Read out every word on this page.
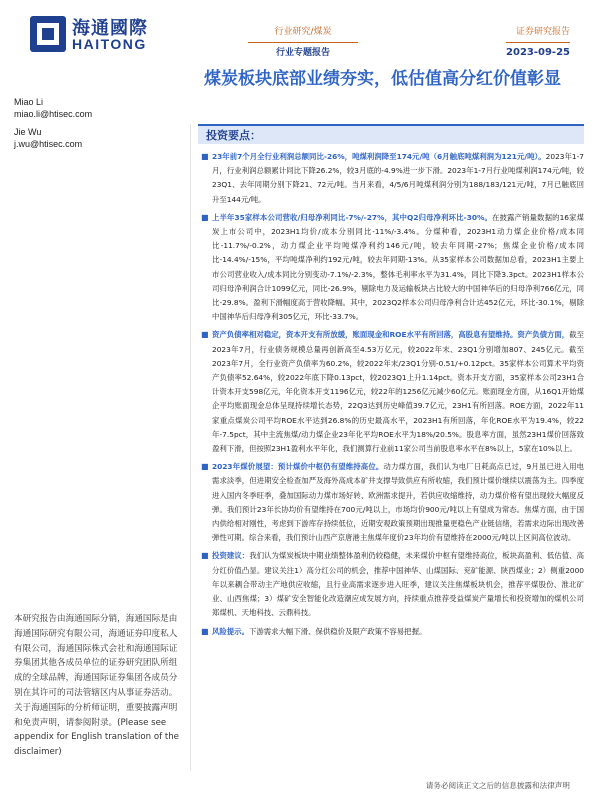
海通國際
HAITONG
行业研究/煤炭
行业专题报告
证券研究报告
2023-09-25
煤炭板块底部业绩夯实，低估值高分红价值彰显
Miao Li
miao.li@htisec.com
Jie Wu
j.wu@htisec.com
投资要点：
■ 23年前7个月全行业利润总额同比-26%，吨煤利润降至174元/吨（6月触底吨煤利润为121元/吨）。2023年1-7月，行业利润总额累计同比下降26.2%，较3月底的-4.9%进一步下滑。2023年1-7月行业吨煤利润174元/吨，较23Q1、去年同期分别下降21、72元/吨。当月来看，4/5/6月吨煤利润分别为188/183/121元/吨，7月已触底回升至144元/吨。
■ 上半年35家样本公司营收/归母净利同比-7%/-27%，其中Q2归母净利环比-30%。在披露产销量数据的16家煤炭上市公司中，2023H1均价/成本分别同比-11%/-3.4%。分煤种看，2023H1动力煤企业价格/成本同比-11.7%/-0.2%，动力煤企业平均吨煤净利约146元/吨，较去年同期-27%；焦煤企业价格/成本同比-14.4%/-15%，平均吨煤净利约192元/吨，较去年同期-13%。从35家样本公司数据加总看，2023H1主要上市公司营业收入/成本同比分别变动-7.1%/-2.3%，整体毛利率水平为31.4%，同比下降3.3pct。2023H1样本公司归母净利润合计1099亿元，同比-26.9%，剔除电力及运输板块占比较大的中国神华后的归母净利766亿元，同比-29.8%。盈利下滑幅度高于营收降幅。其中，2023Q2样本公司归母净利合计达452亿元，环比-30.1%，剔除中国神华后归母净利305亿元，环比-33.7%。
■ 资产负债率相对稳定，资本开支有所放缓，账面现金和ROE水平有所回落，高股息有望维持。资产负债方面，截至2023年7月，行业债务规模总量再创新高至4.53万亿元，较2022年末、23Q1分别增加807、245亿元。截至2023年7月，全行业资产负债率为60.2%，较2022年末/23Q1分别-0.51/+0.12pct。35家样本公司算术平均资产负债率52.64%，较2022年底下降0.13pct，较2023Q1上升1.14pct。资本开支方面，35家样本公司23H1合计资本开支598亿元，年化资本开支1196亿元，较22年的1256亿元减少60亿元。账面现金方面，从16Q1开始煤企平均账面现金总体呈现持续增长态势，22Q3达到历史峰值39.7亿元，23H1有所回落。ROE方面，2022年11家重点煤炭公司平均ROE水平达到26.8%的历史最高水平，2023H1有所回落，年化ROE水平为19.4%，较22年-7.5pct，其中主流焦煤/动力煤企业23年化平均ROE水平为18%/20.5%。股息率方面，虽然23H1煤价回落致盈利下滑，但按照23H1盈利水平年化，我们测算行业前11家公司当前股息率水平在8%以上，5家在10%以上。
■ 2023年煤价展望：预计煤价中枢仍有望维持高位。动力煤方面，我们认为电厂日耗高点已过，9月虽已进入用电需求淡季，但进期安全检查加严及海外高成本矿井支撑导致供应有所收缩，我们预计煤价继续以震荡为主。四季度进入国内冬季旺季，叠加国际动力煤市场好转、欧洲需求提升，若供应收缩维持，动力煤价格有望出现较大幅度反弹。我们预计23年长协均价有望维持在700元/吨以上，市场均价900元/吨以上有望成为常态。焦煤方面，由于国内供给相对刚性，考虑到下游库存持续低位，近期安观政策预期出现推量更稳色产业链信绪，若需求边际出现改善弹性可期。综合来看，我们预计山西产京唐港主焦煤年度价23年均价有望维持在2000元/吨以上区间高位波动。
■ 投资建议：我们认为煤炭板块中期业绩整体盈利仍较稳健，未来煤价中枢有望维持高位，板块高盈利、低估值、高分红价值凸显。建议关注1）高分红公司的机会，推荐中国神华、山煤国际、兖矿能源、陕西煤业；2）侧重2000年以来耦合带动主产地供应收缩，且行业高需求逐步进入旺季，建议关注焦煤板块机会，推荐平煤股份、淮北矿业、山西焦煤；3）煤矿安全智能化改造潮应成发展方向，持续重点推荐受益煤炭产量增长和投资增加的煤机公司郑煤机、天地科技、云鼎科技。
■ 风险提示。下游需求大幅下滑、保供稳价及限产政策不容易把握。
本研究报告由海通国际分销，海通国际是由海通国际研究有限公司，海通证券印度私人有限公司，海通国际株式会社和海通国际证券集团其他各成员单位的证券研究团队所组成的全球品牌，海通国际证券集团各成员分别在其许可的司法管辖区内从事证券活动。关于海通国际的分析师证明，重要披露声明和免责声明，请参阅附录。(Please see appendix for English translation of the disclaimer)
请务必阅读正文之后的信息披露和法律声明
